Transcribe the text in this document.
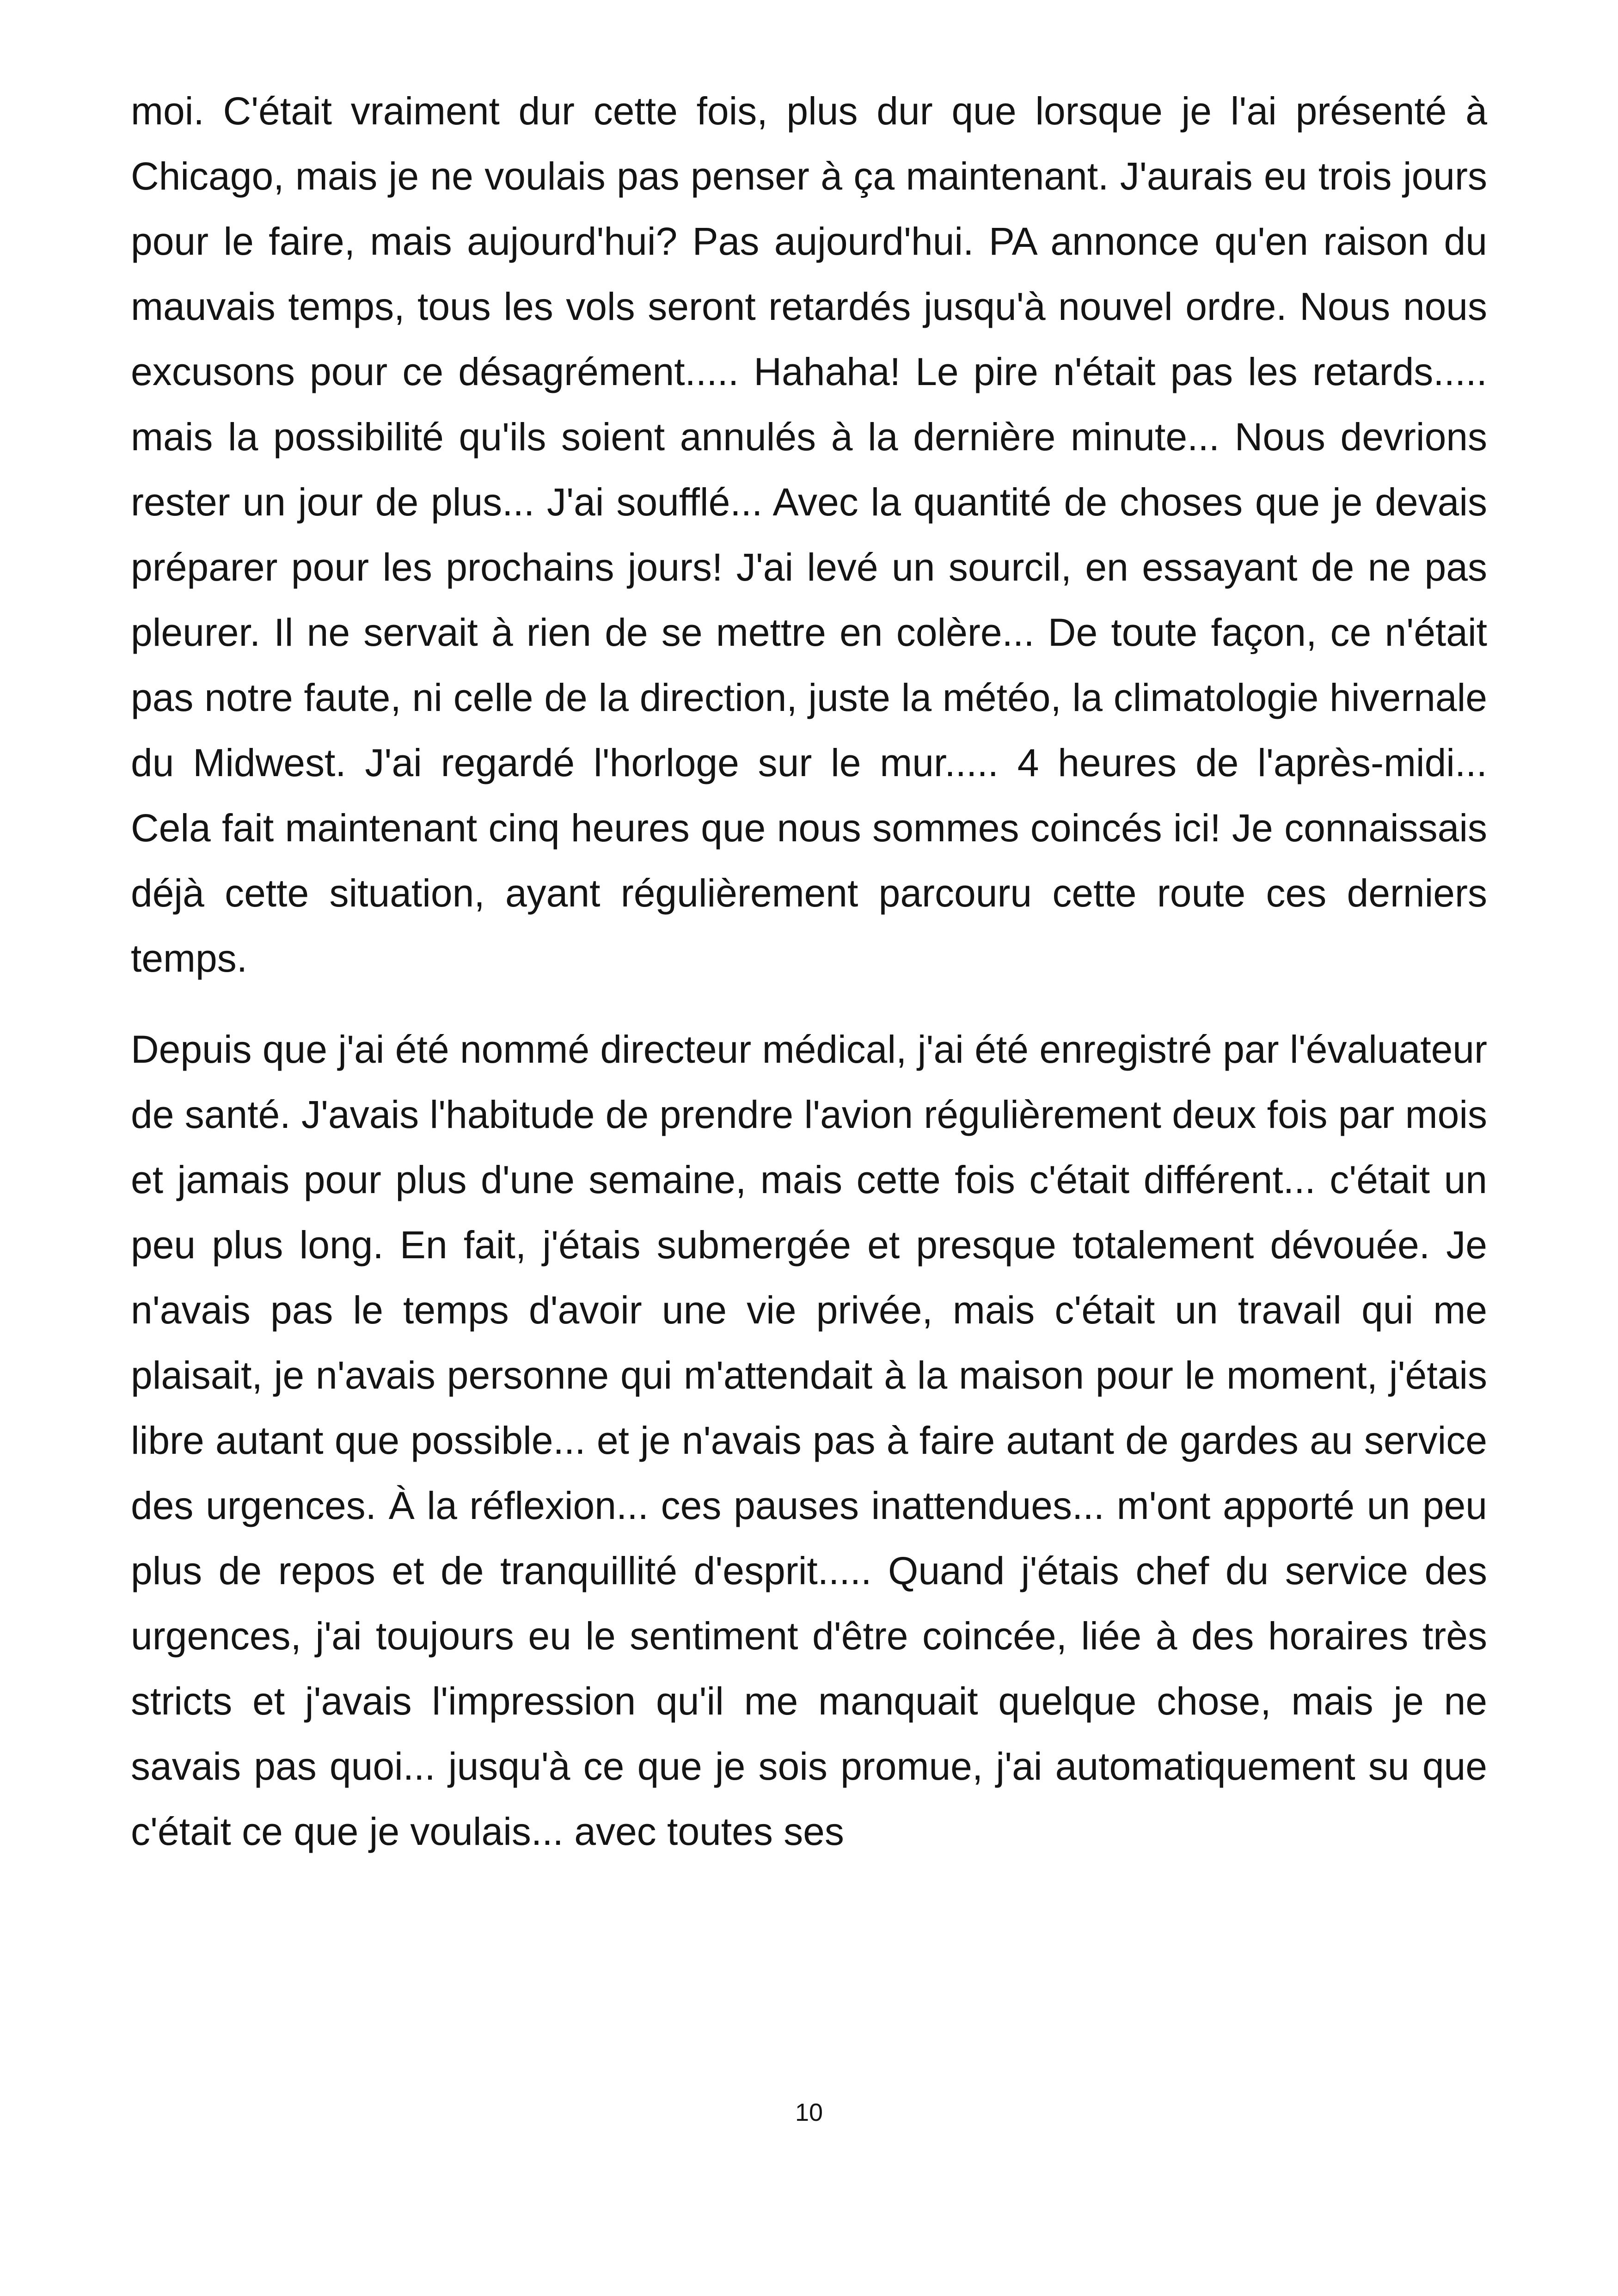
moi. C'était vraiment dur cette fois, plus dur que lorsque je l'ai présenté à Chicago, mais je ne voulais pas penser à ça maintenant. J'aurais eu trois jours pour le faire, mais aujourd'hui? Pas aujourd'hui. PA annonce qu'en raison du mauvais temps, tous les vols seront retardés jusqu'à nouvel ordre. Nous nous excusons pour ce désagrément..... Hahaha! Le pire n'était pas les retards..... mais la possibilité qu'ils soient annulés à la dernière minute... Nous devrions rester un jour de plus... J'ai soufflé... Avec la quantité de choses que je devais préparer pour les prochains jours! J'ai levé un sourcil, en essayant de ne pas pleurer. Il ne servait à rien de se mettre en colère... De toute façon, ce n'était pas notre faute, ni celle de la direction, juste la météo, la climatologie hivernale du Midwest. J'ai regardé l'horloge sur le mur..... 4 heures de l'après-midi... Cela fait maintenant cinq heures que nous sommes coincés ici! Je connaissais déjà cette situation, ayant régulièrement parcouru cette route ces derniers temps.

Depuis que j'ai été nommé directeur médical, j'ai été enregistré par l'évaluateur de santé. J'avais l'habitude de prendre l'avion régulièrement deux fois par mois et jamais pour plus d'une semaine, mais cette fois c'était différent... c'était un peu plus long. En fait, j'étais submergée et presque totalement dévouée. Je n'avais pas le temps d'avoir une vie privée, mais c'était un travail qui me plaisait, je n'avais personne qui m'attendait à la maison pour le moment, j'étais libre autant que possible... et je n'avais pas à faire autant de gardes au service des urgences. À la réflexion... ces pauses inattendues... m'ont apporté un peu plus de repos et de tranquillité d'esprit..... Quand j'étais chef du service des urgences, j'ai toujours eu le sentiment d'être coincée, liée à des horaires très stricts et j'avais l'impression qu'il me manquait quelque chose, mais je ne savais pas quoi... jusqu'à ce que je sois promue, j'ai automatiquement su que c'était ce que je voulais... avec toutes ses

10
